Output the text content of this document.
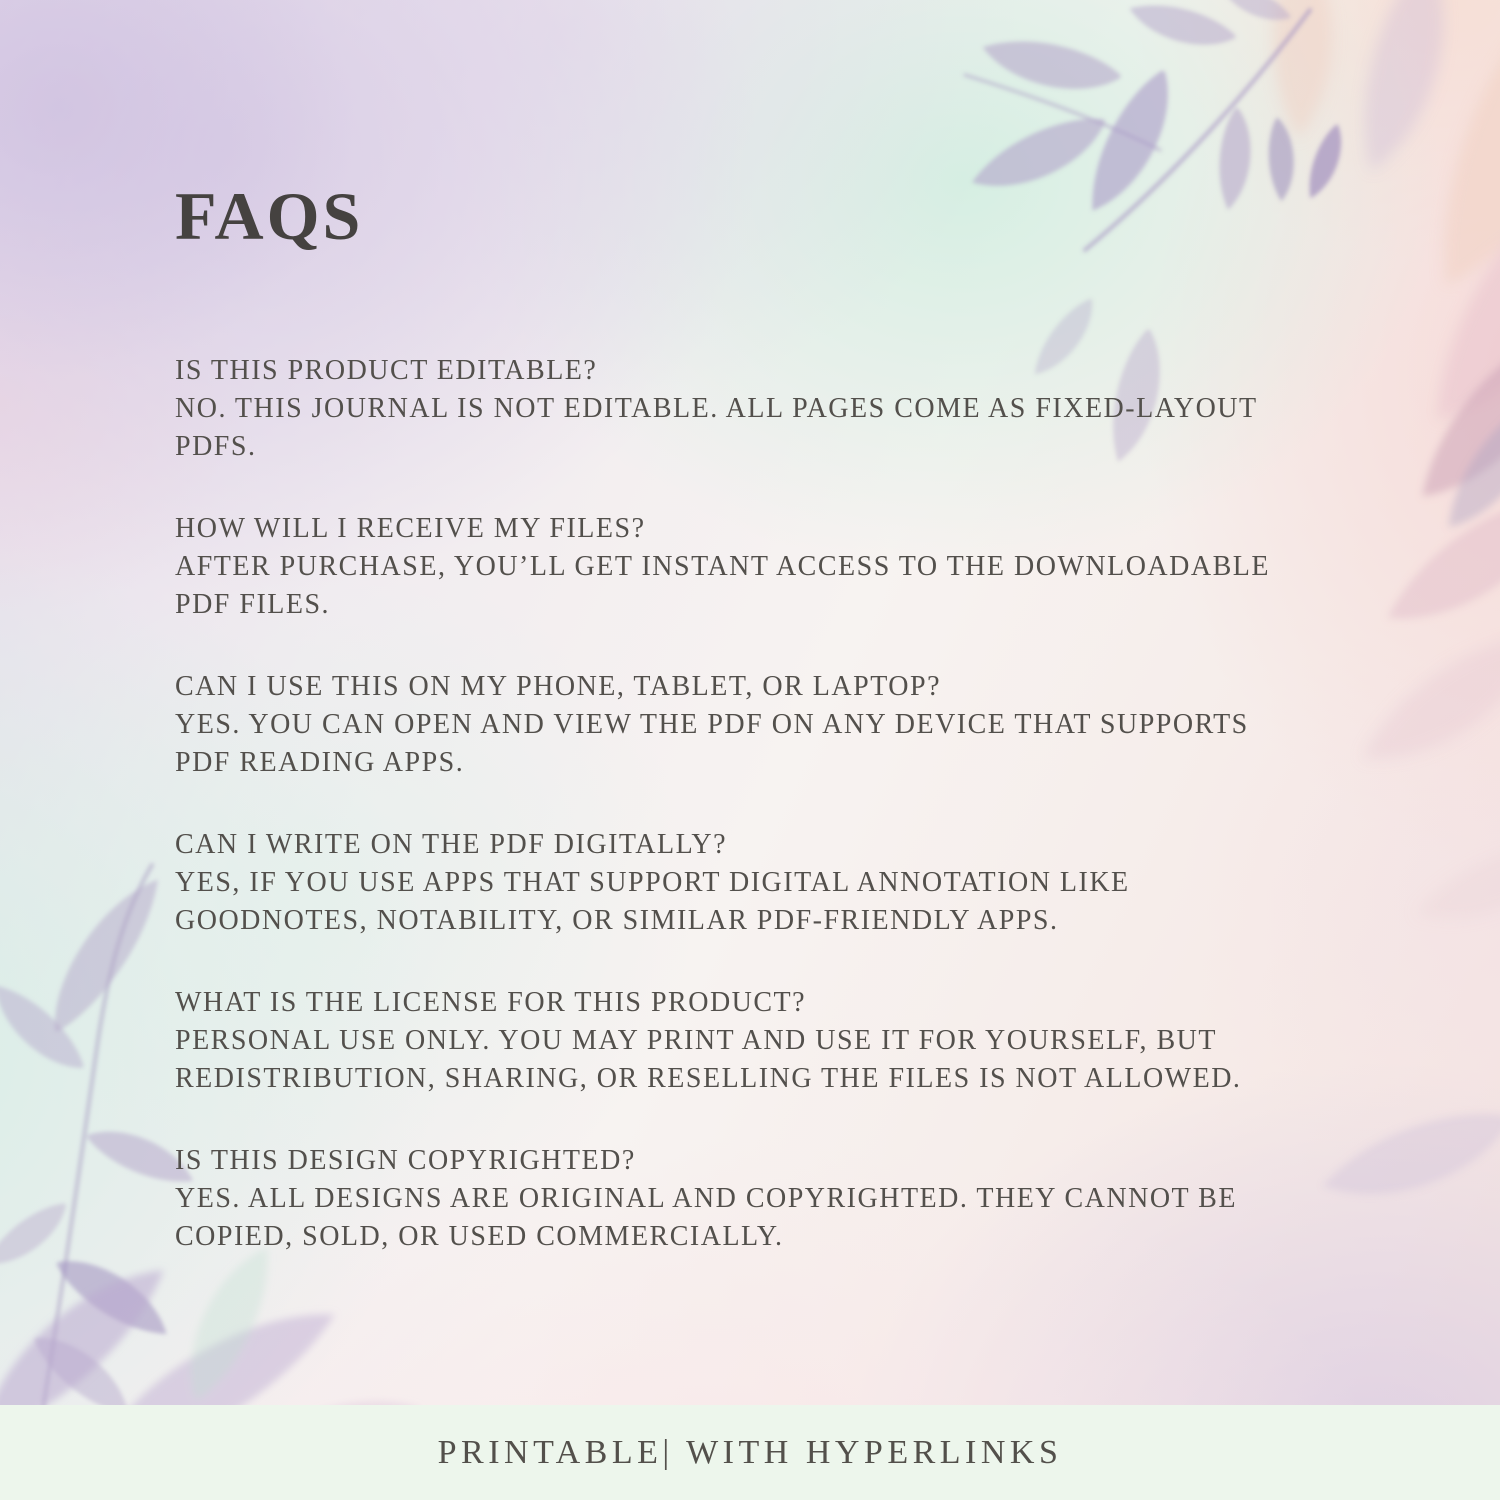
FAQS
IS THIS PRODUCT EDITABLE?
NO. THIS JOURNAL IS NOT EDITABLE. ALL PAGES COME AS FIXED-LAYOUT
PDFS.
HOW WILL I RECEIVE MY FILES?
AFTER PURCHASE, YOU’LL GET INSTANT ACCESS TO THE DOWNLOADABLE
PDF FILES.
CAN I USE THIS ON MY PHONE, TABLET, OR LAPTOP?
YES. YOU CAN OPEN AND VIEW THE PDF ON ANY DEVICE THAT SUPPORTS
PDF READING APPS.
CAN I WRITE ON THE PDF DIGITALLY?
YES, IF YOU USE APPS THAT SUPPORT DIGITAL ANNOTATION LIKE
GOODNOTES, NOTABILITY, OR SIMILAR PDF-FRIENDLY APPS.
WHAT IS THE LICENSE FOR THIS PRODUCT?
PERSONAL USE ONLY. YOU MAY PRINT AND USE IT FOR YOURSELF, BUT
REDISTRIBUTION, SHARING, OR RESELLING THE FILES IS NOT ALLOWED.
IS THIS DESIGN COPYRIGHTED?
YES. ALL DESIGNS ARE ORIGINAL AND COPYRIGHTED. THEY CANNOT BE
COPIED, SOLD, OR USED COMMERCIALLY.
PRINTABLE| WITH HYPERLINKS
